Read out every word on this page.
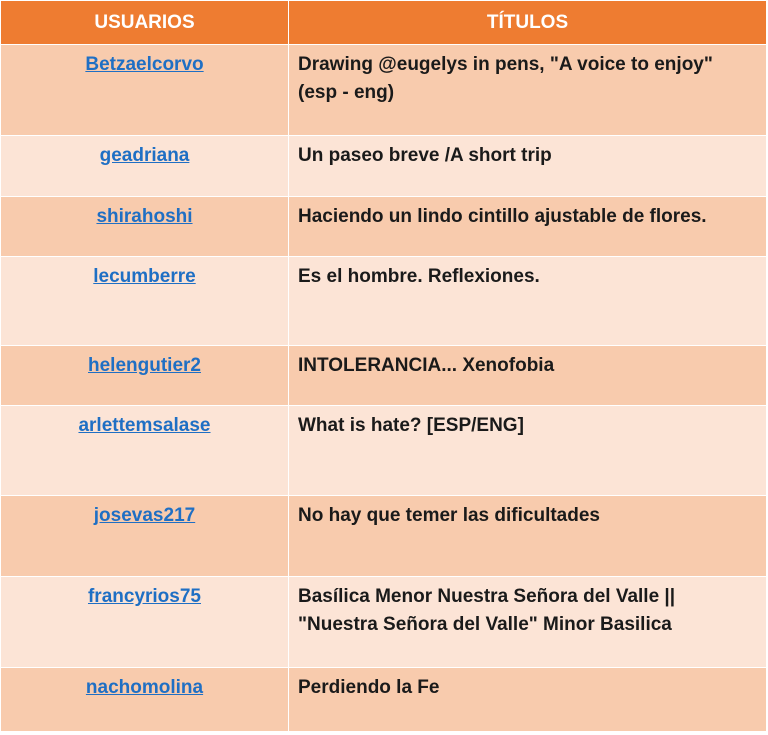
USUARIOS	TÍTULOS
Betzaelcorvo	Drawing @eugelys in pens, "A voice to enjoy" (esp - eng)
geadriana	Un paseo breve /A short trip
shirahoshi	Haciendo un lindo cintillo ajustable de flores.
lecumberre	Es el hombre. Reflexiones.
helengutier2	INTOLERANCIA... Xenofobia
arlettemsalase	What is hate? [ESP/ENG]
josevas217	No hay que temer las dificultades
francyrios75	Basílica Menor Nuestra Señora del Valle || "Nuestra Señora del Valle" Minor Basilica
nachomolina	Perdiendo la Fe
